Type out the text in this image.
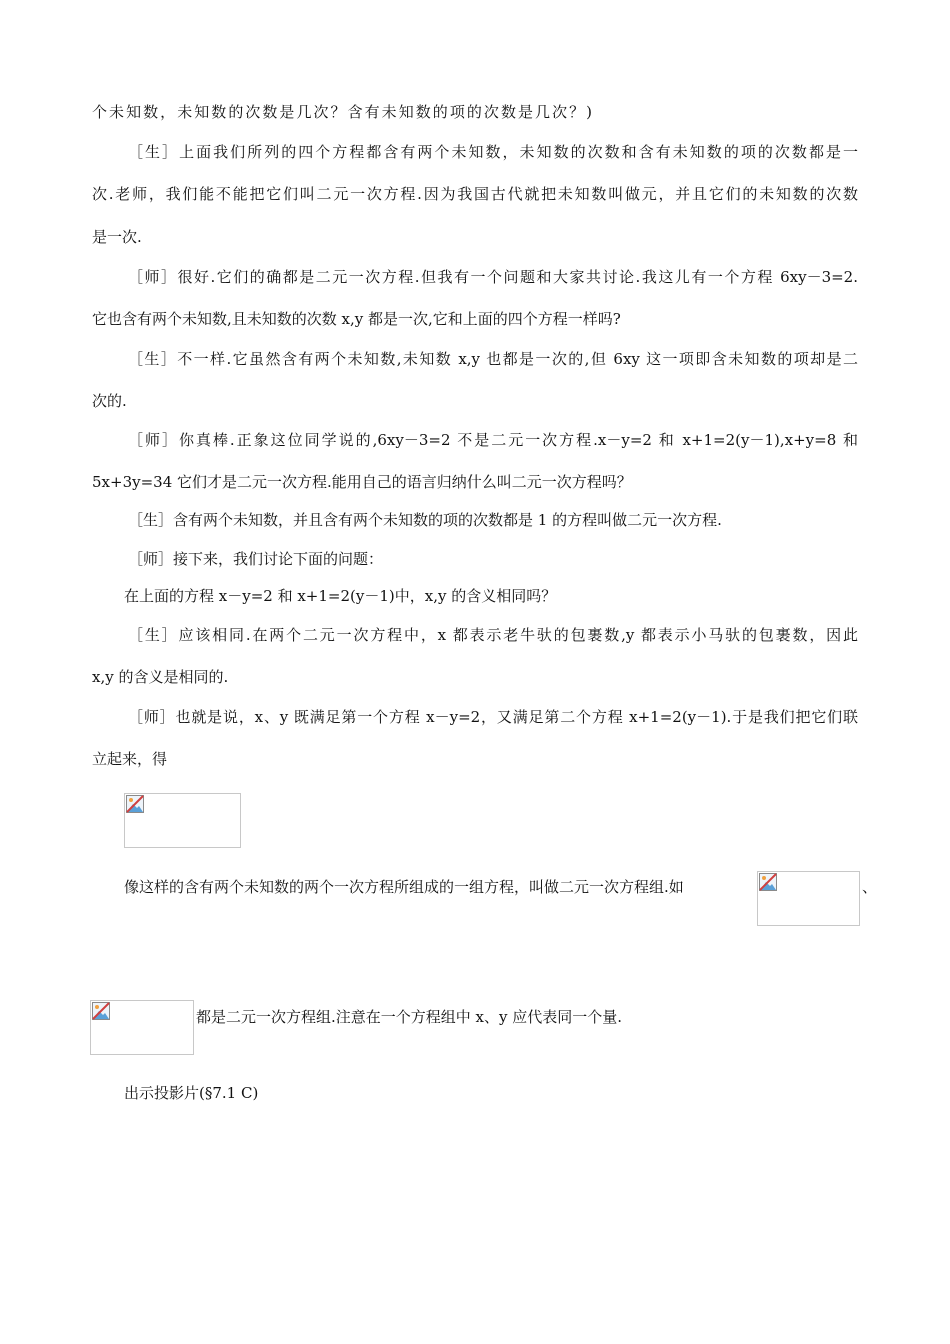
个未知数，未知数的次数是几次？含有未知数的项的次数是几次？)
［生］上面我们所列的四个方程都含有两个未知数，未知数的次数和含有未知数的项的次数都是一
次.老师，我们能不能把它们叫二元一次方程.因为我国古代就把未知数叫做元，并且它们的未知数的次数
是一次.
［师］很好.它们的确都是二元一次方程.但我有一个问题和大家共讨论.我这儿有一个方程 6xy－3=2.
它也含有两个未知数,且未知数的次数 x,y 都是一次,它和上面的四个方程一样吗?
［生］不一样.它虽然含有两个未知数,未知数 x,y 也都是一次的,但 6xy 这一项即含未知数的项却是二
次的.
［师］你真棒.正象这位同学说的,6xy－3=2 不是二元一次方程.x－y=2 和 x+1=2(y－1),x+y=8 和
5x+3y=34 它们才是二元一次方程.能用自己的语言归纳什么叫二元一次方程吗？
［生］含有两个未知数，并且含有两个未知数的项的次数都是 1 的方程叫做二元一次方程.
［师］接下来，我们讨论下面的问题：
在上面的方程 x－y=2 和 x+1=2(y－1)中，x,y 的含义相同吗？
［生］应该相同.在两个二元一次方程中，x 都表示老牛驮的包裹数,y 都表示小马驮的包裹数，因此
x,y 的含义是相同的.
［师］也就是说，x、y 既满足第一个方程 x－y=2，又满足第二个方程 x+1=2(y－1).于是我们把它们联
立起来，得
像这样的含有两个未知数的两个一次方程所组成的一组方程，叫做二元一次方程组.如	、
都是二元一次方程组.注意在一个方程组中 x、y 应代表同一个量.
出示投影片(§7.1 C)
